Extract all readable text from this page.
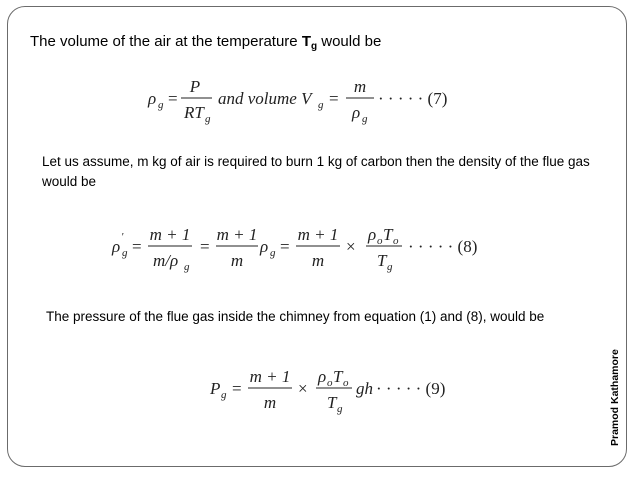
The volume of the air at the temperature $T_g$ would be
ρ g =
P
RT g
and volume V g =
m
ρ g
· · · · · (7)
Let us assume, m kg of air is required to burn 1 kg of carbon then the density of the flue gas would be
ρ '
g =
m + 1
m/ρ g
=
m + 1
m
ρ g =
m + 1
m
×
ρ o T o
T g
· · · · · (8)
The pressure of the flue gas inside the chimney from equation (1) and (8), would be
P g =
m + 1
m
×
ρ o T o
T g
gh · · · · · (9)	Pramod Kathamore
